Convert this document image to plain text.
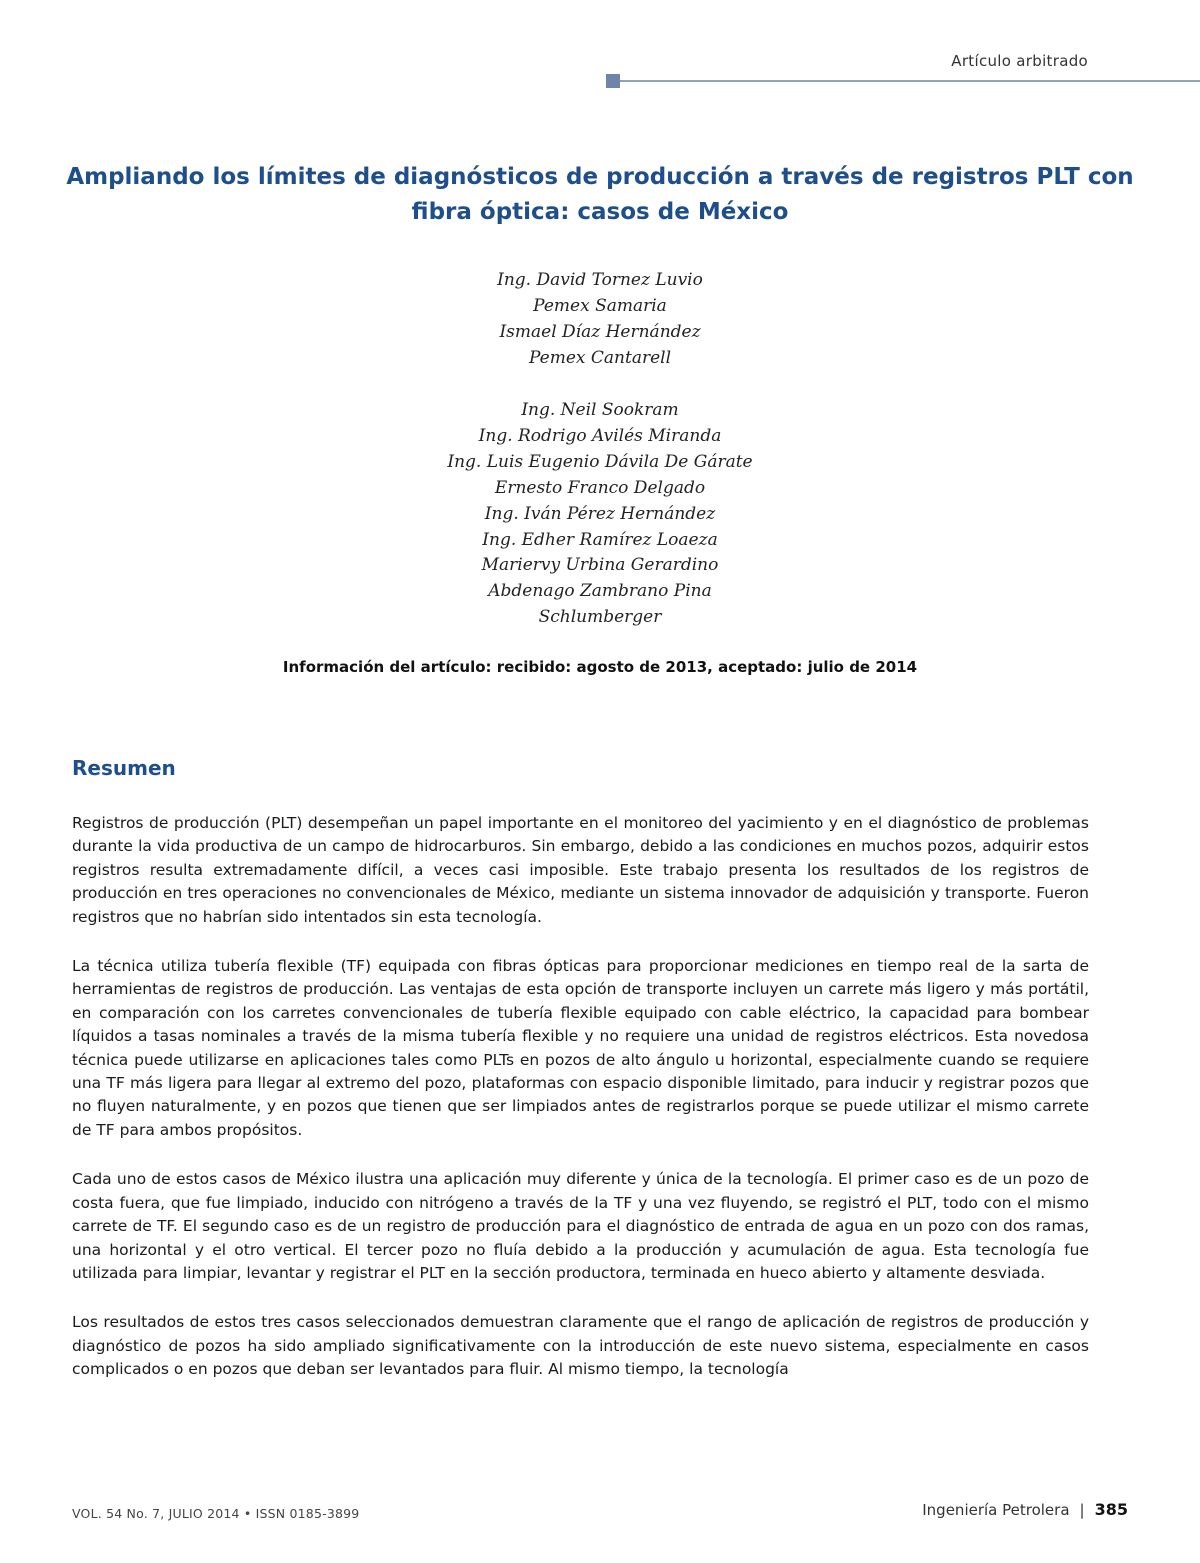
Artículo arbitrado
Ampliando los límites de diagnósticos de producción a través de registros PLT con fibra óptica: casos de México
Ing. David Tornez Luvio
Pemex Samaria
Ismael Díaz Hernández
Pemex Cantarell
Ing. Neil Sookram
Ing. Rodrigo Avilés Miranda
Ing. Luis Eugenio Dávila De Gárate
Ernesto Franco Delgado
Ing. Iván Pérez Hernández
Ing. Edher Ramírez Loaeza
Mariervy Urbina Gerardino
Abdenago Zambrano Pina
Schlumberger
Información del artículo: recibido: agosto de 2013, aceptado: julio de 2014
Resumen

Registros de producción (PLT) desempeñan un papel importante en el monitoreo del yacimiento y en el diagnóstico de problemas durante la vida productiva de un campo de hidrocarburos. Sin embargo, debido a las condiciones en muchos pozos, adquirir estos registros resulta extremadamente difícil, a veces casi imposible. Este trabajo presenta los resultados de los registros de producción en tres operaciones no convencionales de México, mediante un sistema innovador de adquisición y transporte. Fueron registros que no habrían sido intentados sin esta tecnología.

La técnica utiliza tubería flexible (TF) equipada con fibras ópticas para proporcionar mediciones en tiempo real de la sarta de herramientas de registros de producción. Las ventajas de esta opción de transporte incluyen un carrete más ligero y más portátil, en comparación con los carretes convencionales de tubería flexible equipado con cable eléctrico, la capacidad para bombear líquidos a tasas nominales a través de la misma tubería flexible y no requiere una unidad de registros eléctricos. Esta novedosa técnica puede utilizarse en aplicaciones tales como PLTs en pozos de alto ángulo u horizontal, especialmente cuando se requiere una TF más ligera para llegar al extremo del pozo, plataformas con espacio disponible limitado, para inducir y registrar pozos que no fluyen naturalmente, y en pozos que tienen que ser limpiados antes de registrarlos porque se puede utilizar el mismo carrete de TF para ambos propósitos.

Cada uno de estos casos de México ilustra una aplicación muy diferente y única de la tecnología. El primer caso es de un pozo de costa fuera, que fue limpiado, inducido con nitrógeno a través de la TF y una vez fluyendo, se registró el PLT, todo con el mismo carrete de TF. El segundo caso es de un registro de producción para el diagnóstico de entrada de agua en un pozo con dos ramas, una horizontal y el otro vertical. El tercer pozo no fluía debido a la producción y acumulación de agua. Esta tecnología fue utilizada para limpiar, levantar y registrar el PLT en la sección productora, terminada en hueco abierto y altamente desviada.

Los resultados de estos tres casos seleccionados demuestran claramente que el rango de aplicación de registros de producción y diagnóstico de pozos ha sido ampliado significativamente con la introducción de este nuevo sistema, especialmente en casos complicados o en pozos que deban ser levantados para fluir. Al mismo tiempo, la tecnología

VOL. 54 No. 7, JULIO 2014 • ISSN 0185-3899	Ingeniería Petrolera | 385
